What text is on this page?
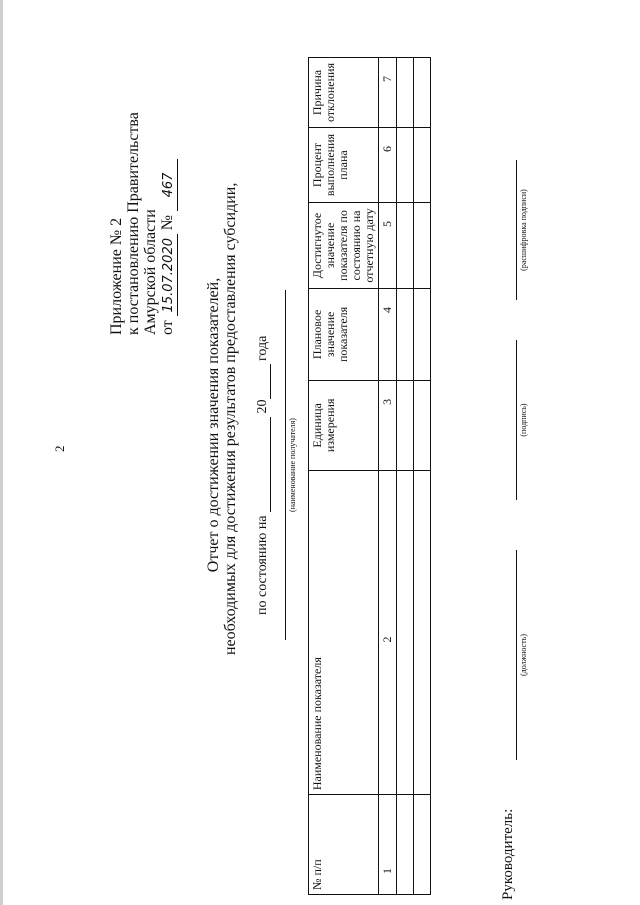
2
Приложение № 2 к постановлению Правительства Амурской области от

15.07.2020

№

467
Отчет о достижении значения показателей, необходимых для достижения результатов предоставления субсидии, по состоянию на  20 года
(наименование получателя)
№ п/п	Наименование показателя	Единица измерения	Плановое значение показателя	Достигнутое значение показателя по состоянию на отчетную дату	Процент выполнения плана	Причина отклонения
1	2	3	4	5	6	7

Руководитель:
(должность)
(подпись)
(расшифровка подписи)
